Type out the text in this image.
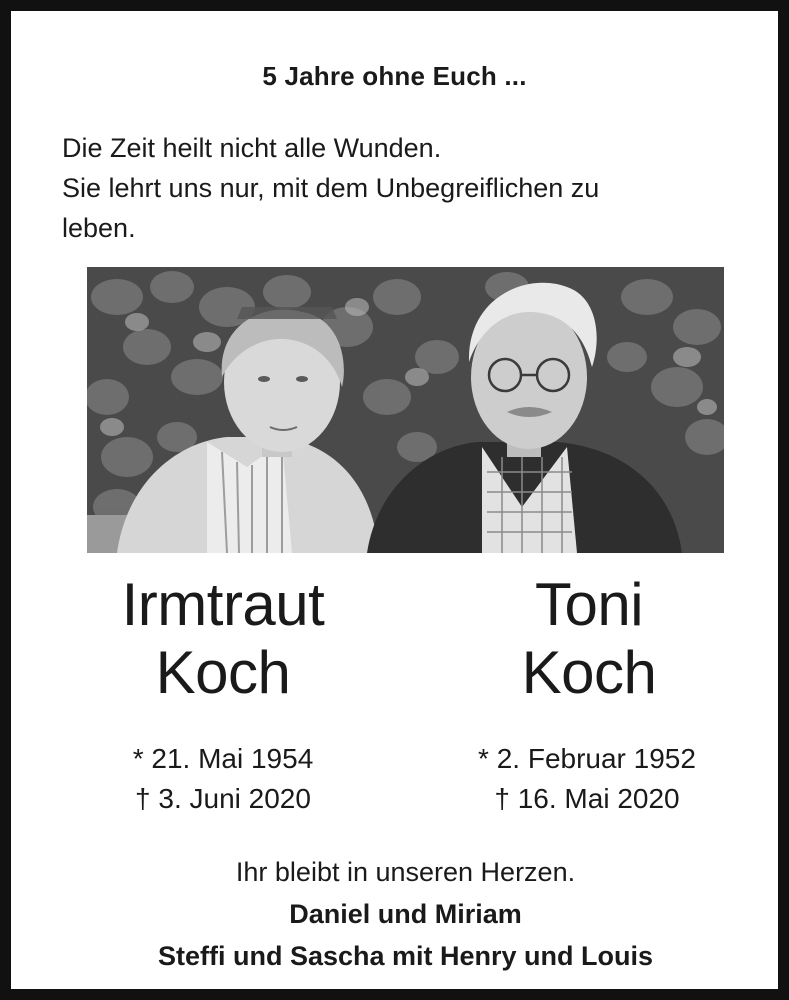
5 Jahre ohne Euch ...
Die Zeit heilt nicht alle Wunden.
Sie lehrt uns nur, mit dem Unbegreiflichen zu
leben.
Irmtraut
Koch
Toni
Koch
* 21. Mai 1954
† 3. Juni 2020
* 2. Februar 1952
† 16. Mai 2020
Ihr bleibt in unseren Herzen.
Daniel und Miriam
Steffi und Sascha mit Henry und Louis
